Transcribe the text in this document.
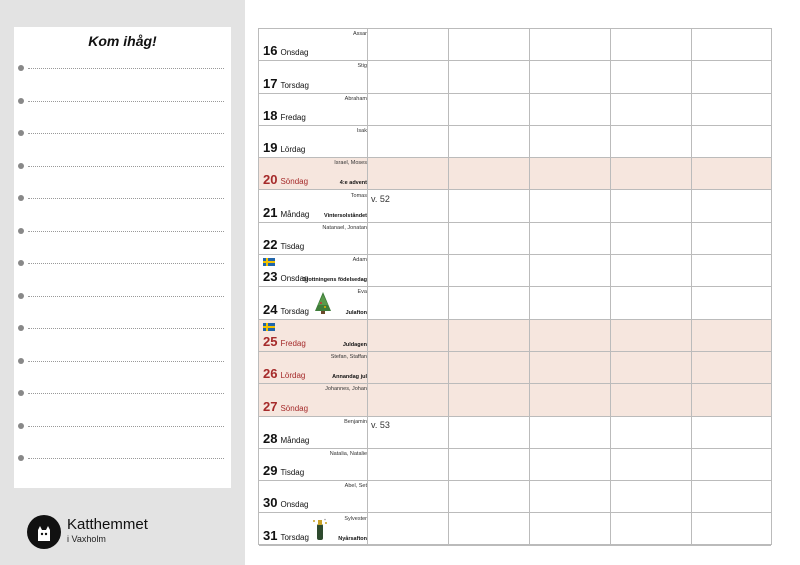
Kom ihåg!
Katthemmet
i Vaxholm
Assar
16 Onsdag
Stig
17 Torsdag
Abraham
18 Fredag
Isak
19 Lördag
Israel, Moses
20 Söndag	4:e advent
Tomas
21 Måndag	Vintersolståndet
v. 52
Natanael, Jonatan
22 Tisdag
Adam
23 Onsdag
Drottningens födelsedag
Eva
24 Torsdag	Julafton
25 Fredag	Juldagen
Stefan, Staffan
26 Lördag	Annandag jul
Johannes, Johan
27 Söndag
Benjamin
28 Måndag
v. 53
Natalia, Natalie
29 Tisdag
Abel, Set
30 Onsdag
Sylvester
31 Torsdag	Nyårsafton
